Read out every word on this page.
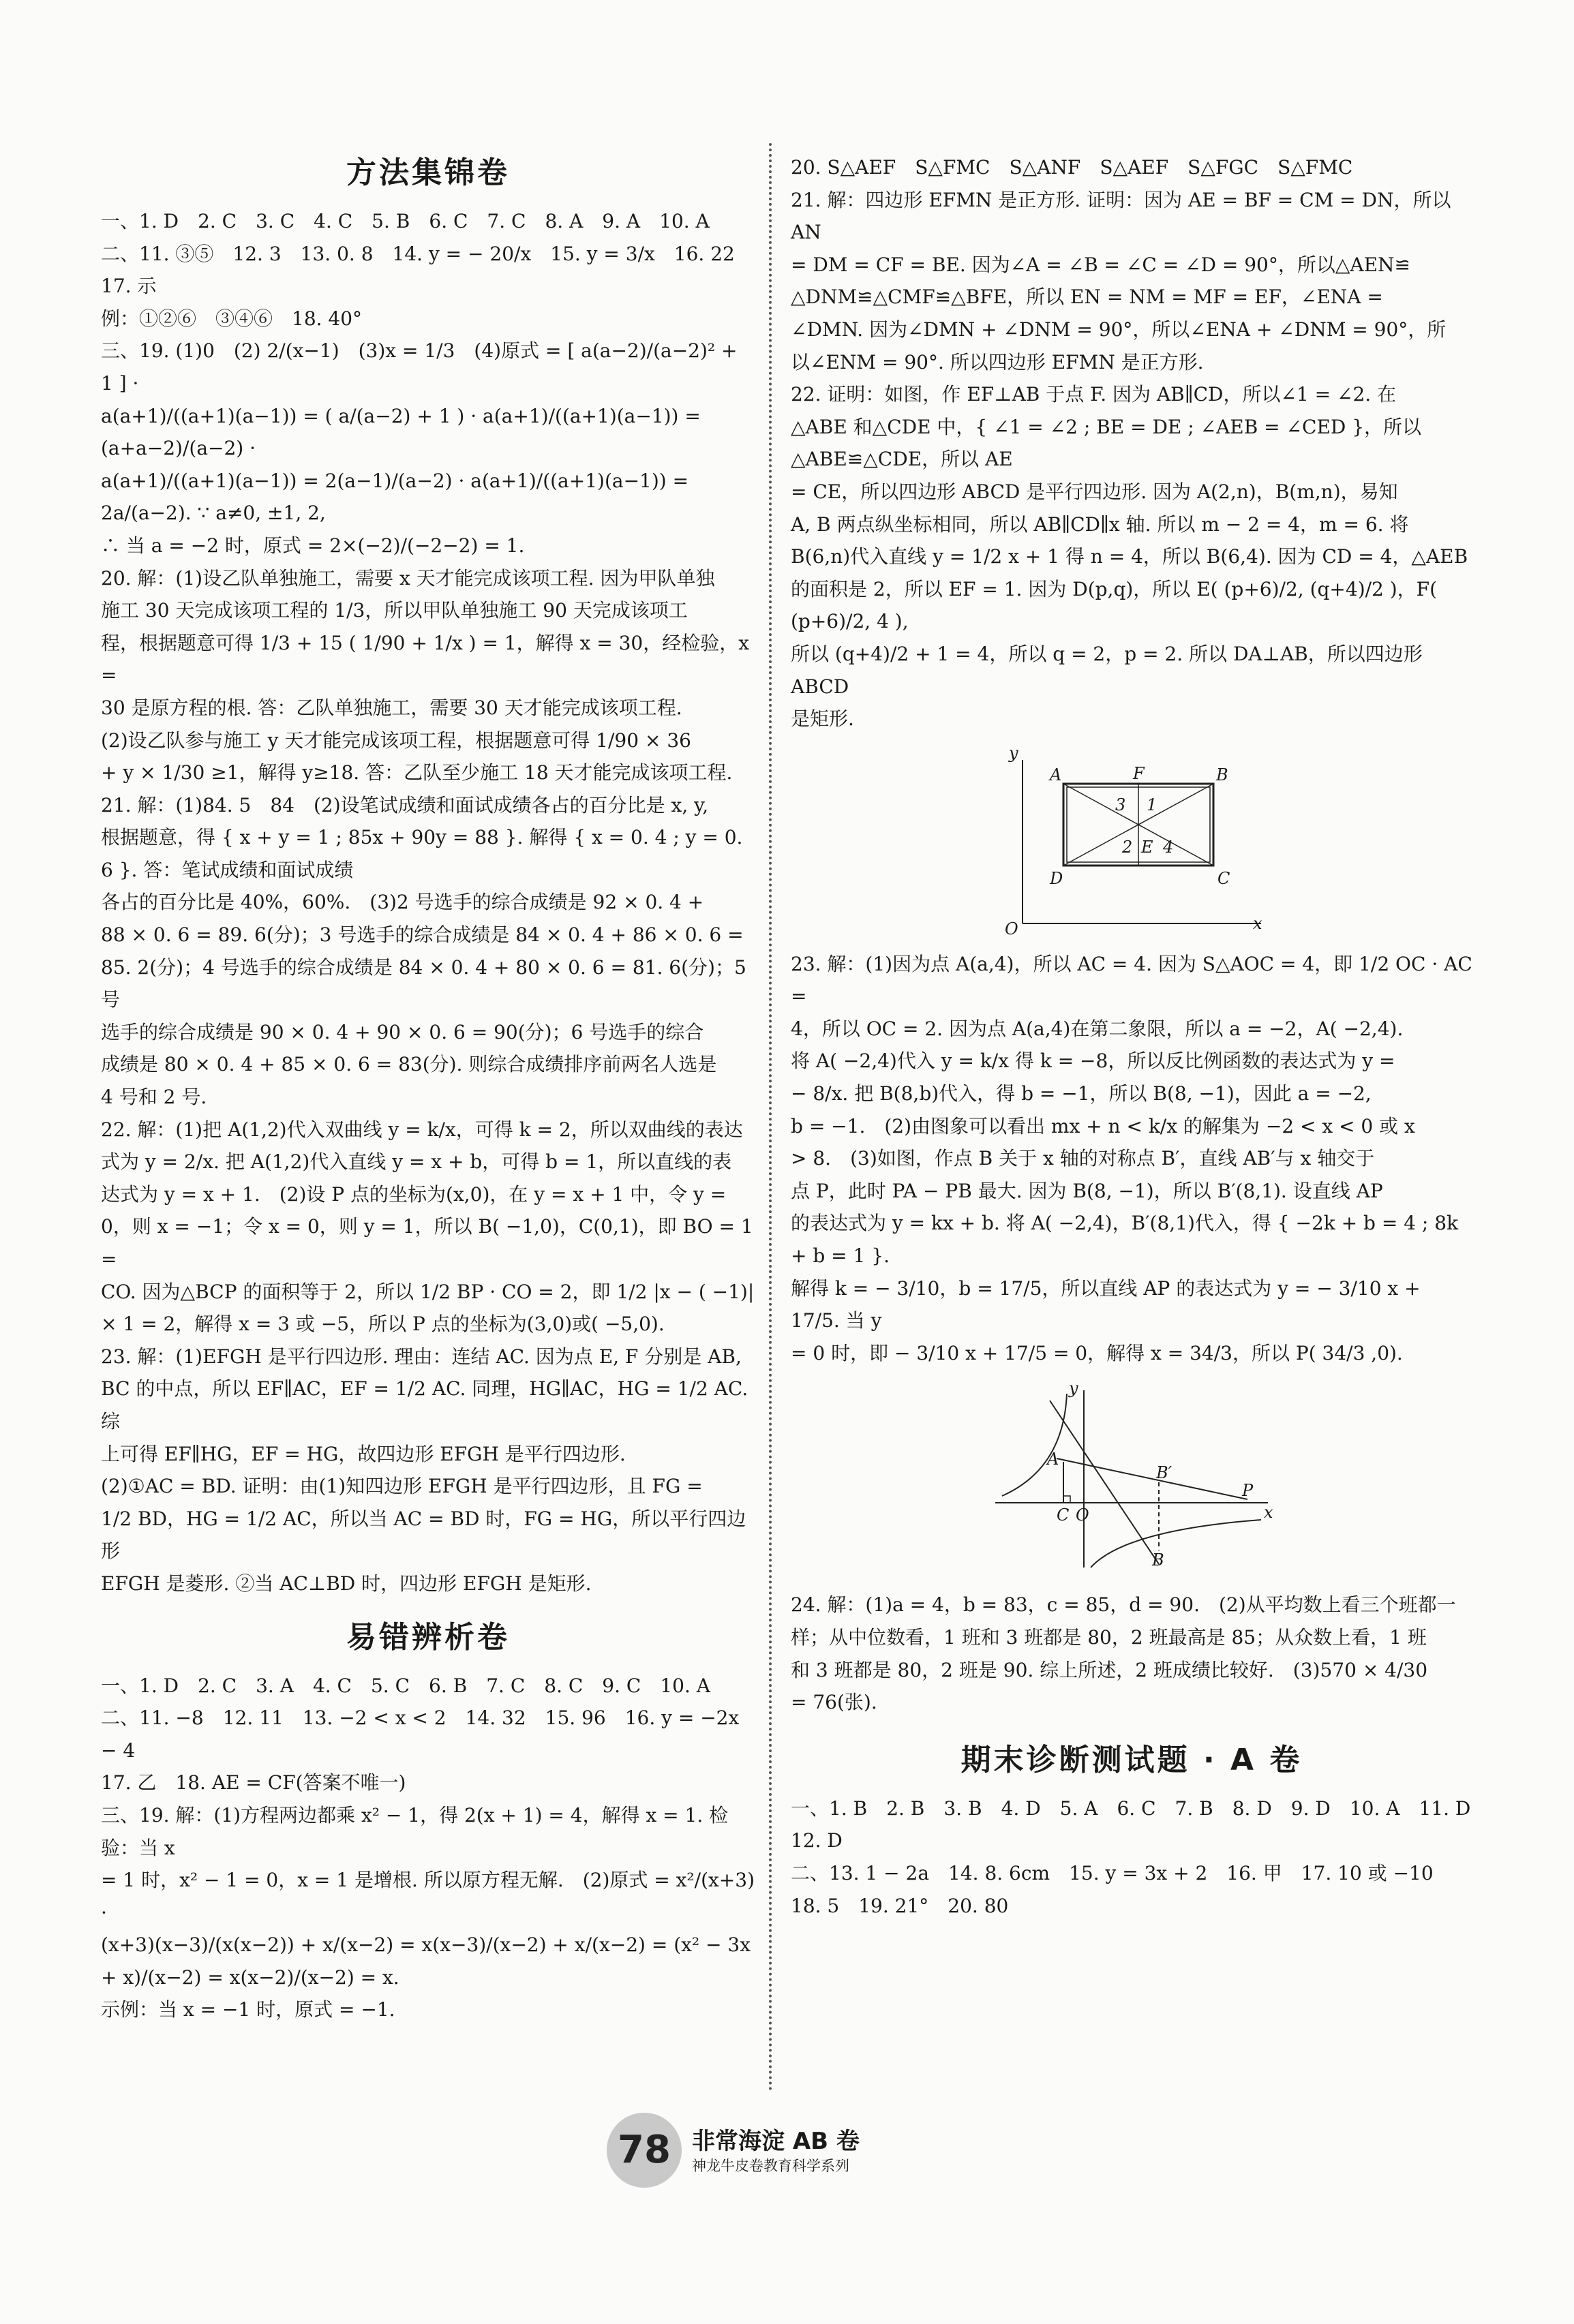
方法集锦卷

一、1. D　2. C　3. C　4. C　5. B　6. C　7. C　8. A　9. A　10. A

二、11. ③⑤　12. 3　13. 0. 8　14. y = − 20/x　15. y = 3/x　16. 22　17. 示

例：①②⑥　③④⑥　18. 40°

三、19. (1)0　(2) 2/(x−1)　(3)x = 1/3　(4)原式 = [ a(a−2)/(a−2)² + 1 ] ·

a(a+1)/((a+1)(a−1)) = ( a/(a−2) + 1 ) · a(a+1)/((a+1)(a−1)) = (a+a−2)/(a−2) ·

a(a+1)/((a+1)(a−1)) = 2(a−1)/(a−2) · a(a+1)/((a+1)(a−1)) = 2a/(a−2). ∵ a≠0, ±1, 2,

∴ 当 a = −2 时，原式 = 2×(−2)/(−2−2) = 1.

20. 解：(1)设乙队单独施工，需要 x 天才能完成该项工程. 因为甲队单独

施工 30 天完成该项工程的 1/3，所以甲队单独施工 90 天完成该项工

程，根据题意可得 1/3 + 15 ( 1/90 + 1/x ) = 1，解得 x = 30，经检验，x =

30 是原方程的根. 答：乙队单独施工，需要 30 天才能完成该项工程.

(2)设乙队参与施工 y 天才能完成该项工程，根据题意可得 1/90 × 36

+ y × 1/30 ≥1，解得 y≥18. 答：乙队至少施工 18 天才能完成该项工程.

21. 解：(1)84. 5　84　(2)设笔试成绩和面试成绩各占的百分比是 x, y,

根据题意，得 { x + y = 1 ; 85x + 90y = 88 }. 解得 { x = 0. 4 ; y = 0. 6 }. 答：笔试成绩和面试成绩

各占的百分比是 40%，60%.　(3)2 号选手的综合成绩是 92 × 0. 4 +

88 × 0. 6 = 89. 6(分)；3 号选手的综合成绩是 84 × 0. 4 + 86 × 0. 6 =

85. 2(分)；4 号选手的综合成绩是 84 × 0. 4 + 80 × 0. 6 = 81. 6(分)；5 号

选手的综合成绩是 90 × 0. 4 + 90 × 0. 6 = 90(分)；6 号选手的综合

成绩是 80 × 0. 4 + 85 × 0. 6 = 83(分). 则综合成绩排序前两名人选是

4 号和 2 号.

22. 解：(1)把 A(1,2)代入双曲线 y = k/x，可得 k = 2，所以双曲线的表达

式为 y = 2/x. 把 A(1,2)代入直线 y = x + b，可得 b = 1，所以直线的表

达式为 y = x + 1.　(2)设 P 点的坐标为(x,0)，在 y = x + 1 中，令 y =

0，则 x = −1；令 x = 0，则 y = 1，所以 B( −1,0)，C(0,1)，即 BO = 1 =

CO. 因为△BCP 的面积等于 2，所以 1/2 BP · CO = 2，即 1/2 |x − ( −1)|

× 1 = 2，解得 x = 3 或 −5，所以 P 点的坐标为(3,0)或( −5,0).

23. 解：(1)EFGH 是平行四边形. 理由：连结 AC. 因为点 E, F 分别是 AB,

BC 的中点，所以 EF∥AC，EF = 1/2 AC. 同理，HG∥AC，HG = 1/2 AC. 综

上可得 EF∥HG，EF = HG，故四边形 EFGH 是平行四边形.

(2)①AC = BD. 证明：由(1)知四边形 EFGH 是平行四边形，且 FG =

1/2 BD，HG = 1/2 AC，所以当 AC = BD 时，FG = HG，所以平行四边形

EFGH 是菱形. ②当 AC⊥BD 时，四边形 EFGH 是矩形.

易错辨析卷

一、1. D　2. C　3. A　4. C　5. C　6. B　7. C　8. C　9. C　10. A

二、11. −8　12. 11　13. −2 < x < 2　14. 32　15. 96　16. y = −2x − 4

17. 乙　18. AE = CF(答案不唯一)

三、19. 解：(1)方程两边都乘 x² − 1，得 2(x + 1) = 4，解得 x = 1. 检验：当 x

= 1 时，x² − 1 = 0，x = 1 是增根. 所以原方程无解.　(2)原式 = x²/(x+3) ·

(x+3)(x−3)/(x(x−2)) + x/(x−2) = x(x−3)/(x−2) + x/(x−2) = (x² − 3x + x)/(x−2) = x(x−2)/(x−2) = x.

示例：当 x = −1 时，原式 = −1.

20. S△AEF　S△FMC　S△ANF　S△AEF　S△FGC　S△FMC

21. 解：四边形 EFMN 是正方形. 证明：因为 AE = BF = CM = DN，所以 AN

= DM = CF = BE. 因为∠A = ∠B = ∠C = ∠D = 90°，所以△AEN≌

△DNM≌△CMF≌△BFE，所以 EN = NM = MF = EF，∠ENA =

∠DMN. 因为∠DMN + ∠DNM = 90°，所以∠ENA + ∠DNM = 90°，所

以∠ENM = 90°. 所以四边形 EFMN 是正方形.

22. 证明：如图，作 EF⊥AB 于点 F. 因为 AB∥CD，所以∠1 = ∠2. 在

△ABE 和△CDE 中，{ ∠1 = ∠2 ; BE = DE ; ∠AEB = ∠CED }，所以△ABE≌△CDE，所以 AE

= CE，所以四边形 ABCD 是平行四边形. 因为 A(2,n)，B(m,n)，易知

A, B 两点纵坐标相同，所以 AB∥CD∥x 轴. 所以 m − 2 = 4，m = 6. 将

B(6,n)代入直线 y = 1/2 x + 1 得 n = 4，所以 B(6,4). 因为 CD = 4，△AEB

的面积是 2，所以 EF = 1. 因为 D(p,q)，所以 E( (p+6)/2, (q+4)/2 )，F( (p+6)/2, 4 ),

所以 (q+4)/2 + 1 = 4，所以 q = 2，p = 2. 所以 DA⊥AB，所以四边形 ABCD

是矩形.

y
x
O
A	B
C
D
F
E
3 1
2 4

23. 解：(1)因为点 A(a,4)，所以 AC = 4. 因为 S△AOC = 4，即 1/2 OC · AC =

4，所以 OC = 2. 因为点 A(a,4)在第二象限，所以 a = −2，A( −2,4).

将 A( −2,4)代入 y = k/x 得 k = −8，所以反比例函数的表达式为 y =

− 8/x. 把 B(8,b)代入，得 b = −1，所以 B(8, −1)，因此 a = −2,

b = −1.　(2)由图象可以看出 mx + n < k/x 的解集为 −2 < x < 0 或 x

> 8.　(3)如图，作点 B 关于 x 轴的对称点 B′，直线 AB′与 x 轴交于

点 P，此时 PA − PB 最大. 因为 B(8, −1)，所以 B′(8,1). 设直线 AP

的表达式为 y = kx + b. 将 A( −2,4)，B′(8,1)代入，得 { −2k + b = 4 ; 8k + b = 1 }.

解得 k = − 3/10，b = 17/5，所以直线 AP 的表达式为 y = − 3/10 x + 17/5. 当 y

= 0 时，即 − 3/10 x + 17/5 = 0，解得 x = 34/3，所以 P( 34/3 ,0).

y
x
A
B
B′
P
C O

24. 解：(1)a = 4，b = 83，c = 85，d = 90.　(2)从平均数上看三个班都一

样；从中位数看，1 班和 3 班都是 80，2 班最高是 85；从众数上看，1 班

和 3 班都是 80，2 班是 90. 综上所述，2 班成绩比较好.　(3)570 × 4/30

= 76(张).

期末诊断测试题 · A 卷

一、1. B　2. B　3. B　4. D　5. A　6. C　7. B　8. D　9. D　10. A　11. D

12. D

二、13. 1 − 2a　14. 8. 6cm　15. y = 3x + 2　16. 甲　17. 10 或 −10

18. 5　19. 21°　20. 80

78 非常海淀 AB 卷
神龙牛皮卷教育科学系列
